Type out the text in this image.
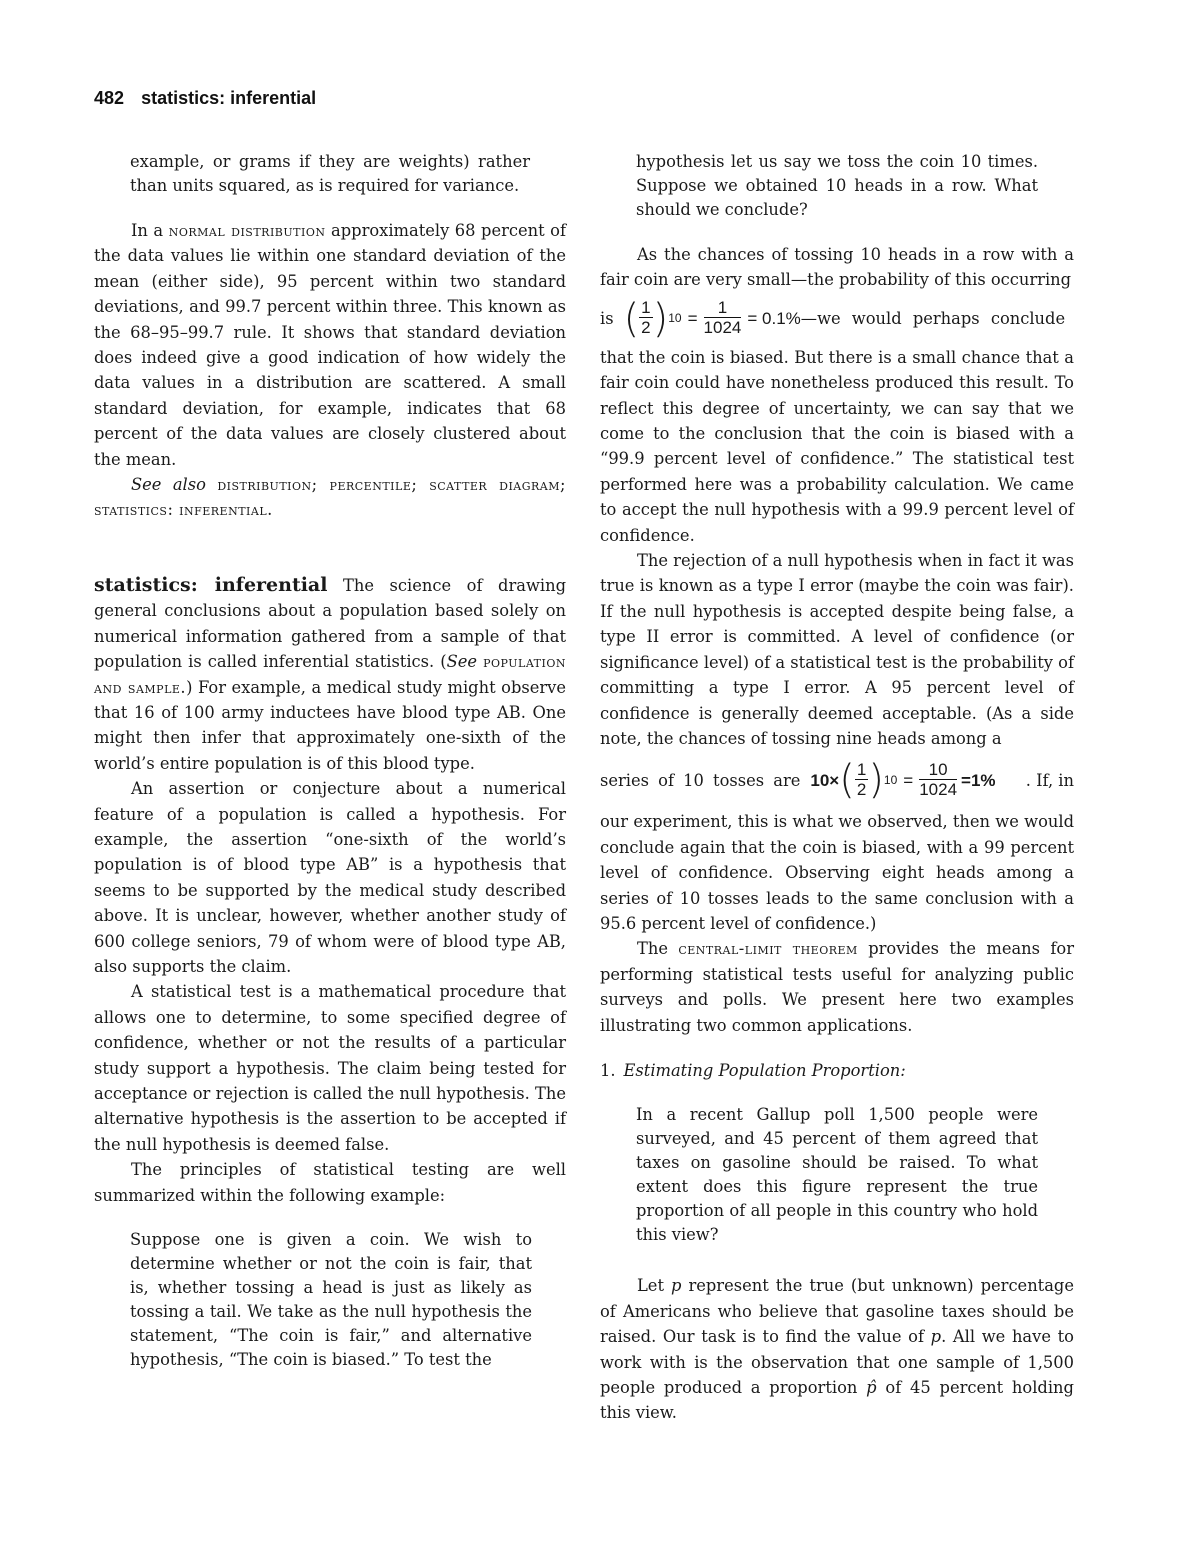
482 statistics: inferential

example, or grams if they are weights) rather than units squared, as is required for variance.

In a normal distribution approximately 68 percent of the data values lie within one standard deviation of the mean (either side), 95 percent within two standard deviations, and 99.7 percent within three. This known as the 68–95–99.7 rule. It shows that standard deviation does indeed give a good indication of how widely the data values in a distribution are scattered. A small standard deviation, for example, indicates that 68 percent of the data values are closely clustered about the mean.

See also distribution; percentile; scatter diagram; statistics: inferential.

statistics: inferential The science of drawing general conclusions about a population based solely on numerical information gathered from a sample of that population is called inferential statistics. (See population and sample.) For example, a medical study might observe that 16 of 100 army inductees have blood type AB. One might then infer that approximately one-sixth of the world’s entire population is of this blood type.

An assertion or conjecture about a numerical feature of a population is called a hypothesis. For example, the assertion “one-sixth of the world’s population is of blood type AB” is a hypothesis that seems to be supported by the medical study described above. It is unclear, however, whether another study of 600 college seniors, 79 of whom were of blood type AB, also supports the claim.

A statistical test is a mathematical procedure that allows one to determine, to some specified degree of confidence, whether or not the results of a particular study support a hypothesis. The claim being tested for acceptance or rejection is called the null hypothesis. The alternative hypothesis is the assertion to be accepted if the null hypothesis is deemed false.

The principles of statistical testing are well summarized within the following example:

Suppose one is given a coin. We wish to determine whether or not the coin is fair, that is, whether tossing a head is just as likely as tossing a tail. We take as the null hypothesis the statement, “The coin is fair,” and alternative hypothesis, “The coin is biased.” To test the

hypothesis let us say we toss the coin 10 times. Suppose we obtained 10 heads in a row. What should we conclude?

As the chances of tossing 10 heads in a row with a fair coin are very small—the probability of this occurring

is ( $\frac{1}{2}$ ) $10 = \frac{1}{1024} = 0.1\%$ —we would perhaps conclude

that the coin is biased. But there is a small chance that a fair coin could have nonetheless produced this result. To reflect this degree of uncertainty, we can say that we come to the conclusion that the coin is biased with a “99.9 percent level of confidence.” The statistical test performed here was a probability calculation. We came to accept the null hypothesis with a 99.9 percent level of confidence.

The rejection of a null hypothesis when in fact it was true is known as a type I error (maybe the coin was fair). If the null hypothesis is accepted despite being false, a type II error is committed. A level of confidence (or significance level) of a statistical test is the probability of committing a type I error. A 95 percent level of confidence is generally deemed acceptable. (As a side note, the chances of tossing nine heads among a

series of 10 tosses are 10× ( $\frac{1}{2}$ ) $10 = \frac{10}{1024} =1\%$	. If, in

our experiment, this is what we observed, then we would conclude again that the coin is biased, with a 99 percent level of confidence. Observing eight heads among a series of 10 tosses leads to the same conclusion with a 95.6 percent level of confidence.)

The central-limit theorem provides the means for performing statistical tests useful for analyzing public surveys and polls. We present here two examples illustrating two common applications.

1. Estimating Population Proportion:

In a recent Gallup poll 1,500 people were surveyed, and 45 percent of them agreed that taxes on gasoline should be raised. To what extent does this figure represent the true proportion of all people in this country who hold this view?

Let p represent the true (but unknown) percentage of Americans who believe that gasoline taxes should be raised. Our task is to find the value of p. All we have to work with is the observation that one sample of 1,500 people produced a proportion p̂ of 45 percent holding this view.
